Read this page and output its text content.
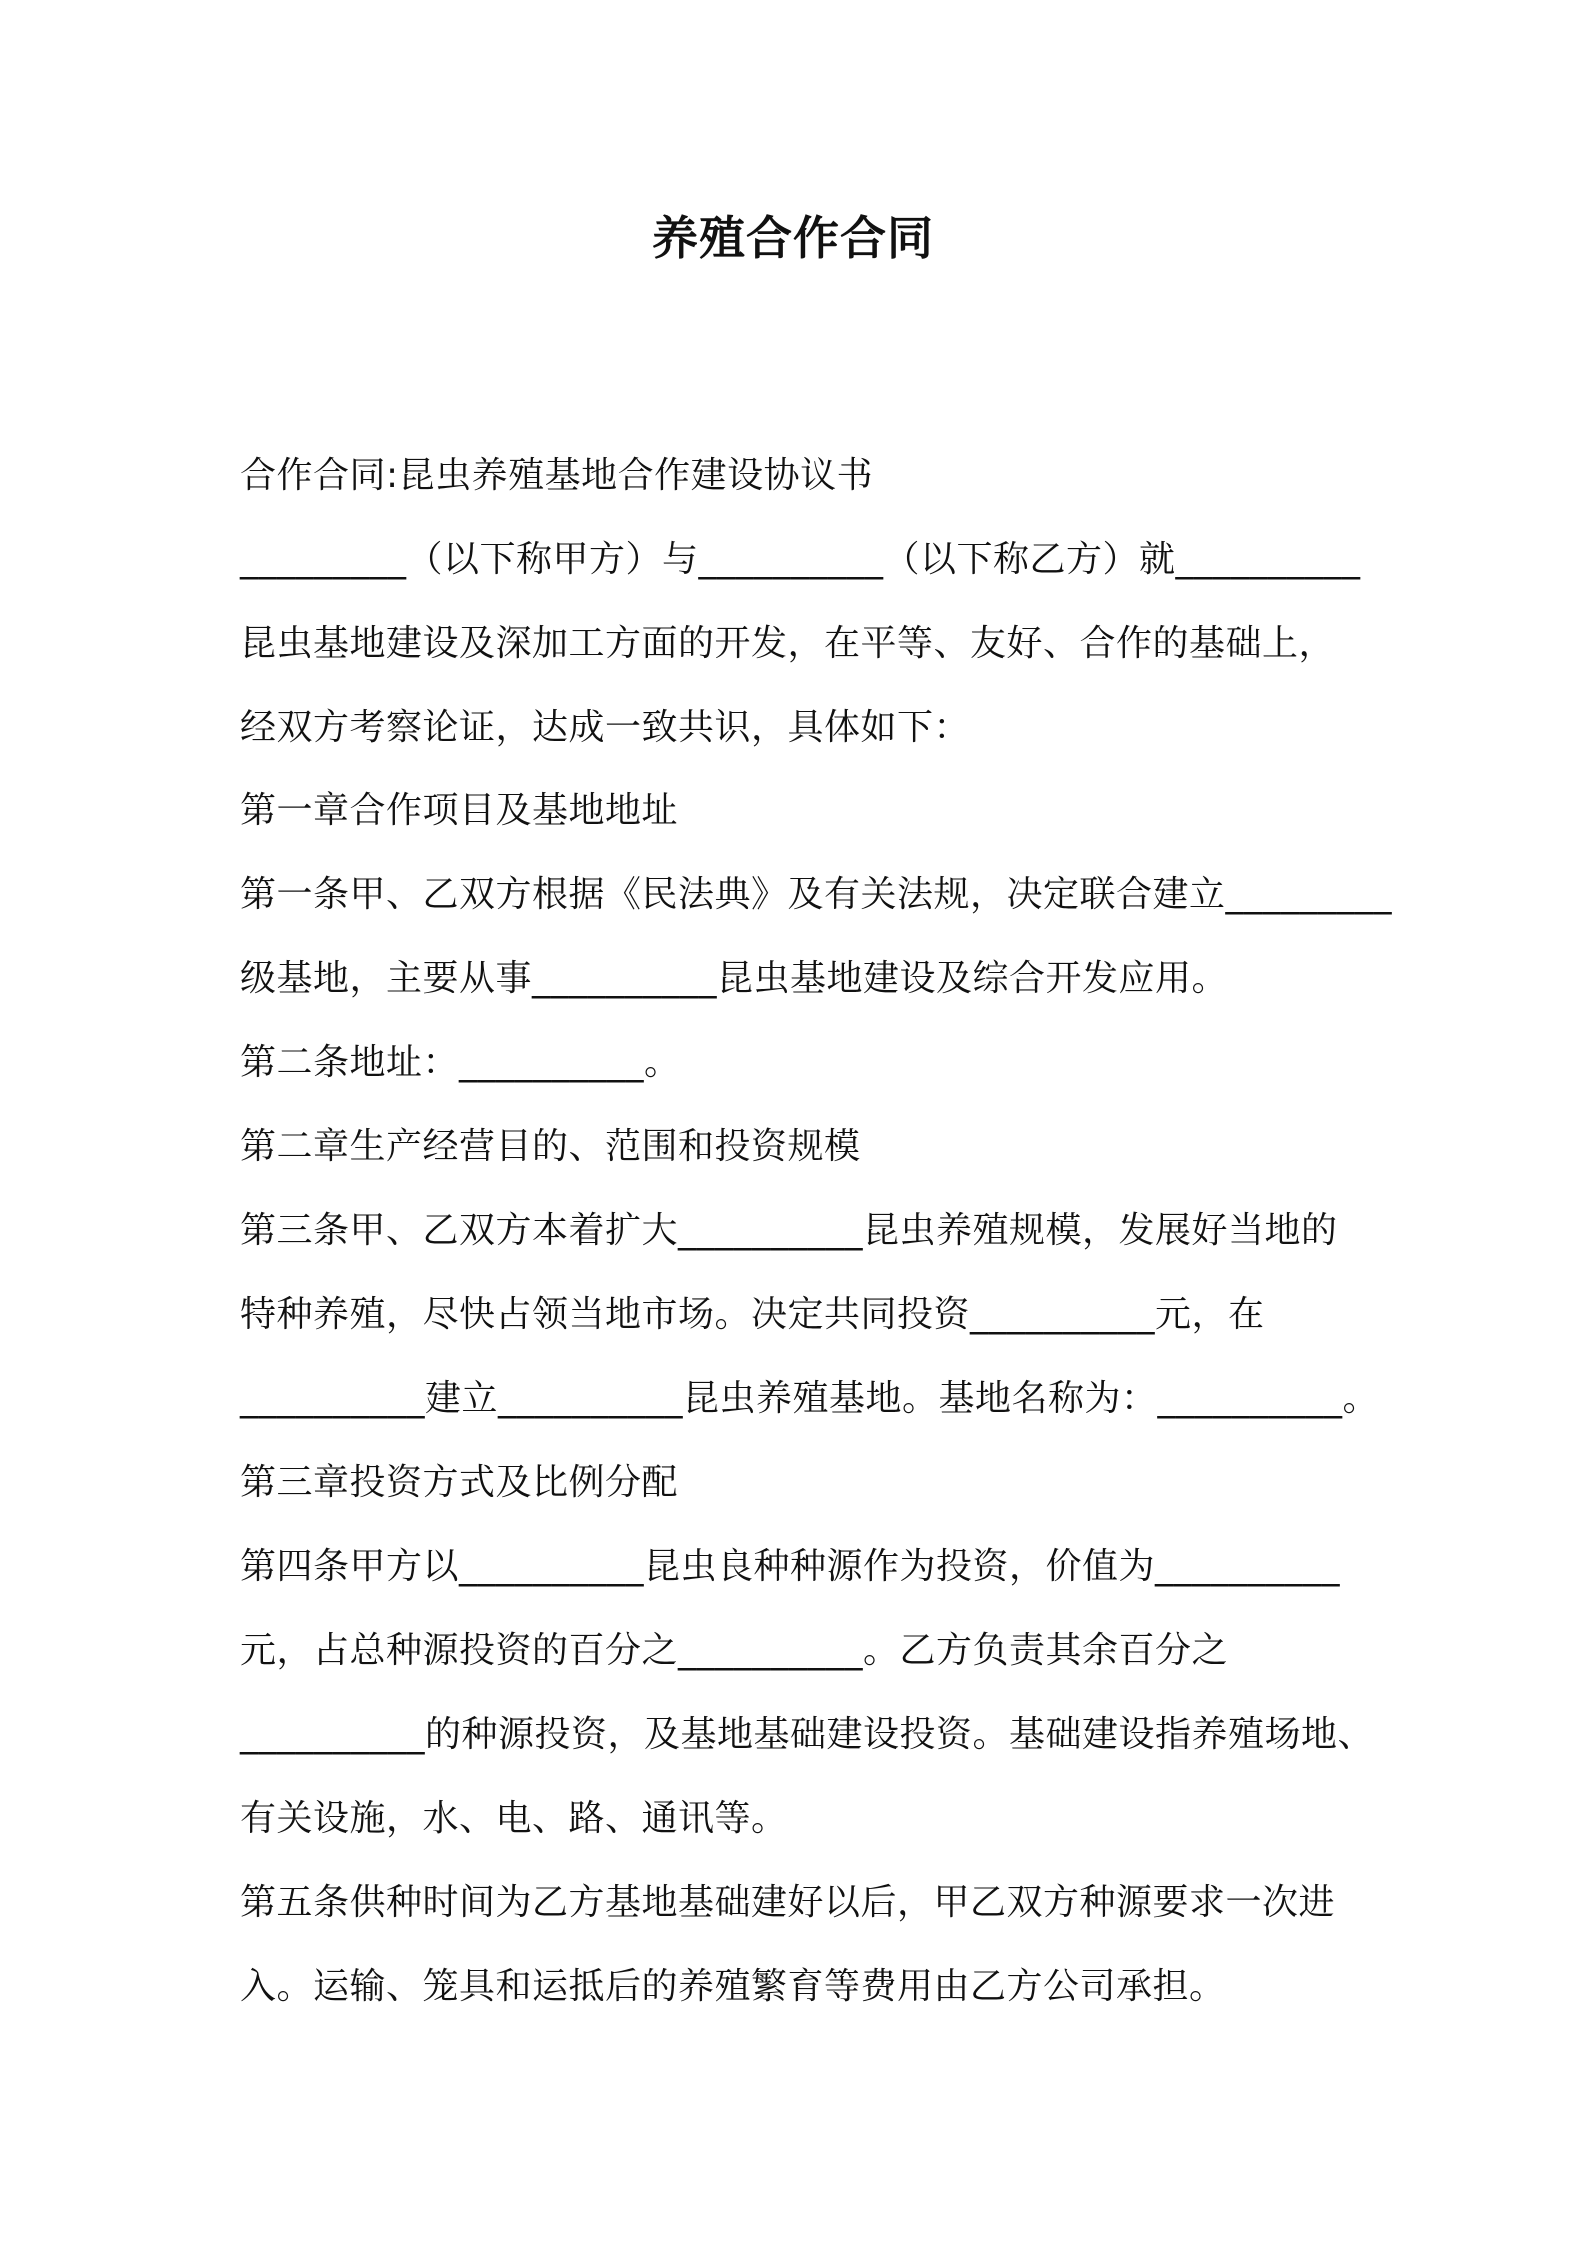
养殖合作合同
合作合同:昆虫养殖基地合作建设协议书
_________（以下称甲方）与__________（以下称乙方）就__________
昆虫基地建设及深加工方面的开发，在平等、友好、合作的基础上，
经双方考察论证，达成一致共识，具体如下：
第一章合作项目及基地地址
第一条甲、乙双方根据《民法典》及有关法规，决定联合建立_________
级基地，主要从事__________昆虫基地建设及综合开发应用。
第二条地址：__________。
第二章生产经营目的、范围和投资规模
第三条甲、乙双方本着扩大__________昆虫养殖规模，发展好当地的
特种养殖，尽快占领当地市场。决定共同投资__________元，在
__________建立__________昆虫养殖基地。基地名称为：__________。
第三章投资方式及比例分配
第四条甲方以__________昆虫良种种源作为投资，价值为__________
元，占总种源投资的百分之__________。乙方负责其余百分之
__________的种源投资，及基地基础建设投资。基础建设指养殖场地、
有关设施，水、电、路、通讯等。
第五条供种时间为乙方基地基础建好以后，甲乙双方种源要求一次进
入。运输、笼具和运抵后的养殖繁育等费用由乙方公司承担。
